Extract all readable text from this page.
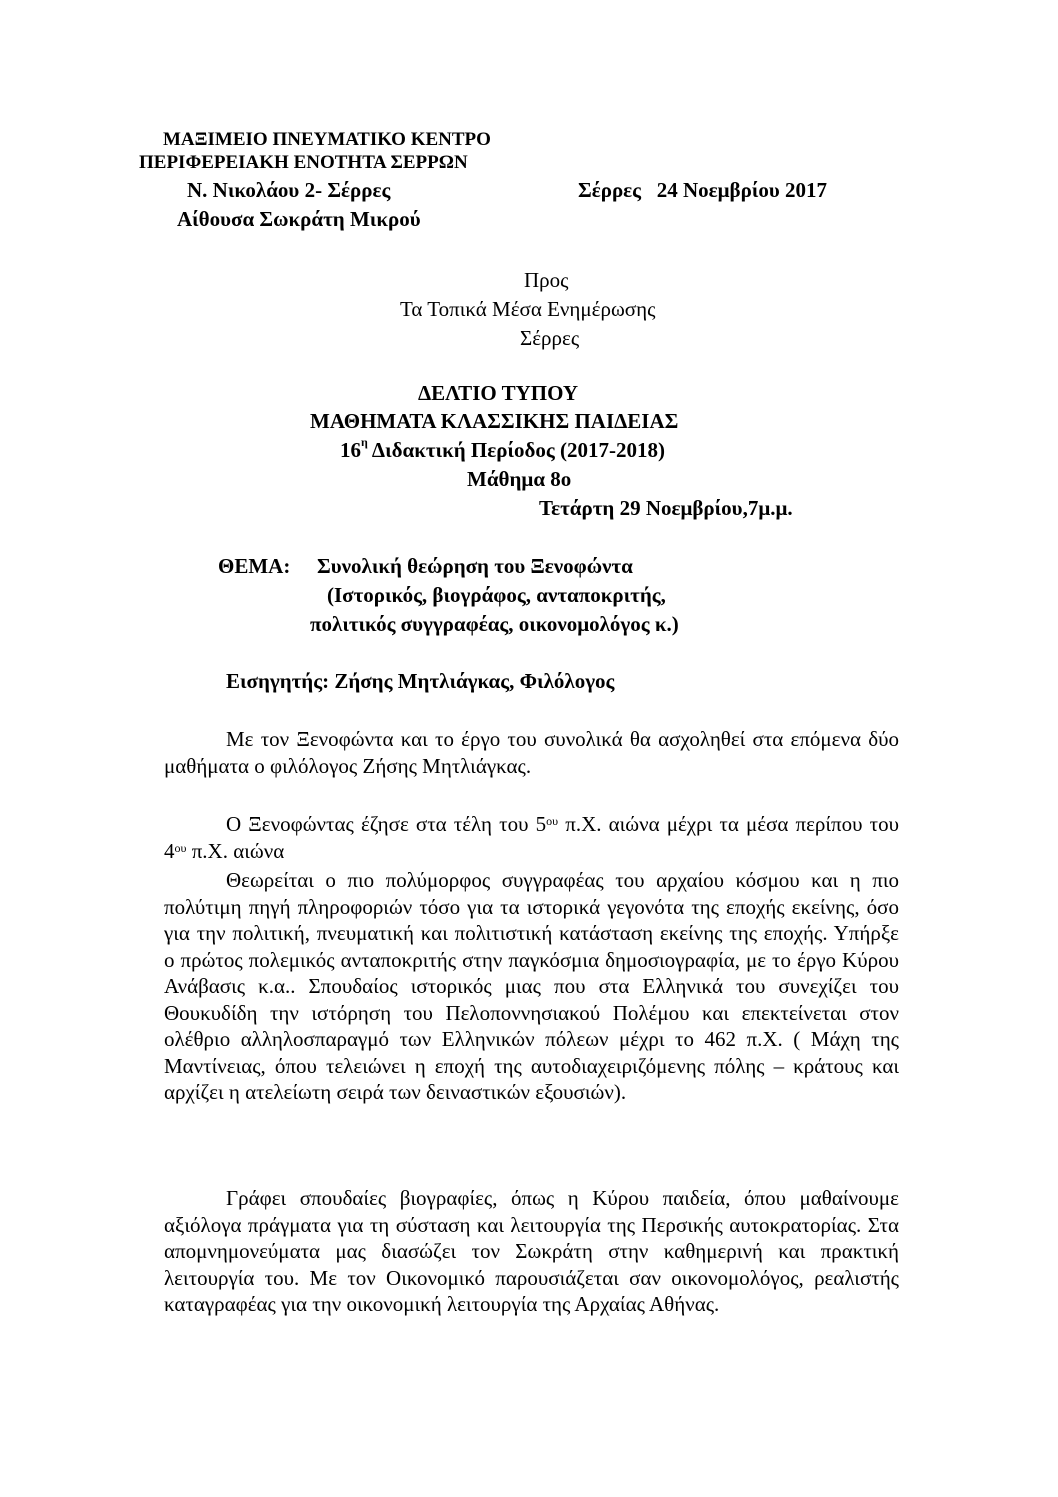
ΜΑΞΙΜΕΙΟ ΠΝΕΥΜΑΤΙΚΟ ΚΕΝΤΡΟ
ΠΕΡΙΦΕΡΕΙΑΚΗ ΕΝΟΤΗΤΑ ΣΕΡΡΩΝ
Ν. Νικολάου 2- Σέρρες
Αίθουσα Σωκράτη Μικρού
Σέρρες 24 Νοεμβρίου 2017
Προς
Τα Τοπικά Μέσα Ενημέρωσης
Σέρρες
ΔΕΛΤΙΟ ΤΥΠΟΥ
ΜΑΘΗΜΑΤΑ ΚΛΑΣΣΙΚΗΣ ΠΑΙΔΕΙΑΣ
$16^\eta$ Διδακτική Περίοδος (2017-2018)
Μάθημα 8ο
Τετάρτη 29 Νοεμβρίου,7μ.μ.
ΘΕΜΑ: Συνολική θεώρηση του Ξενοφώντα
(Ιστορικός, βιογράφος, ανταποκριτής,
πολιτικός συγγραφέας, οικονομολόγος κ.)
Εισηγητής: Ζήσης Μητλιάγκας, Φιλόλογος

Με τον Ξενοφώντα και το έργο του συνολικά θα ασχοληθεί στα επόμενα δύο μαθήματα ο φιλόλογος Ζήσης Μητλιάγκας.

Ο Ξενοφώντας έζησε στα τέλη του $5^{o\upsilon}$ π.Χ. αιώνα μέχρι τα μέσα περίπου του $4^{o\upsilon}$ π.Χ. αιώνα

Θεωρείται ο πιο πολύμορφος συγγραφέας του αρχαίου κόσμου και η πιο πολύτιμη πηγή πληροφοριών τόσο για τα ιστορικά γεγονότα της εποχής εκείνης, όσο για την πολιτική, πνευματική και πολιτιστική κατάσταση εκείνης της εποχής. Υπήρξε ο πρώτος πολεμικός ανταποκριτής στην παγκόσμια δημοσιογραφία, με το έργο Κύρου Ανάβασις κ.α.. Σπουδαίος ιστορικός μιας που στα Ελληνικά του συνεχίζει του Θουκυδίδη την ιστόρηση του Πελοποννησιακού Πολέμου και επεκτείνεται στον ολέθριο αλληλοσπαραγμό των Ελληνικών πόλεων μέχρι το 462 π.Χ. ( Μάχη της Μαντίνειας, όπου τελειώνει η εποχή της αυτοδιαχειριζόμενης πόλης – κράτους και αρχίζει η ατελείωτη σειρά των δειναστικών εξουσιών).

Γράφει σπουδαίες βιογραφίες, όπως η Κύρου παιδεία, όπου μαθαίνουμε αξιόλογα πράγματα για τη σύσταση και λειτουργία της Περσικής αυτοκρατορίας. Στα απομνημονεύματα μας διασώζει τον Σωκράτη στην καθημερινή και πρακτική λειτουργία του. Με τον Οικονομικό παρουσιάζεται σαν οικονομολόγος, ρεαλιστής καταγραφέας για την οικονομική λειτουργία της Αρχαίας Αθήνας.
